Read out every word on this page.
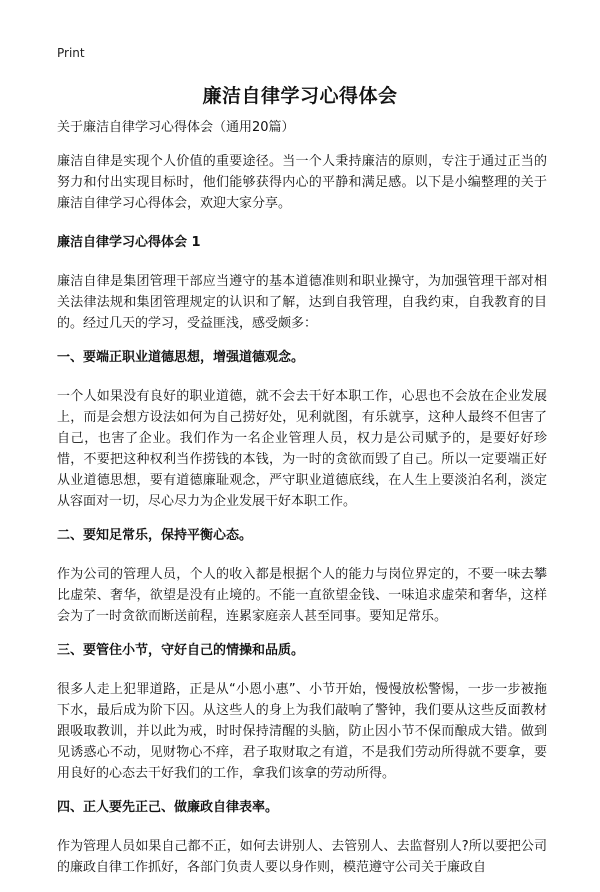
Print
廉洁自律学习心得体会

关于廉洁自律学习心得体会（通用20篇）

廉洁自律是实现个人价值的重要途径。当一个人秉持廉洁的原则，专注于通过正当的努力和付出实现目标时，他们能够获得内心的平静和满足感。以下是小编整理的关于廉洁自律学习心得体会，欢迎大家分享。

廉洁自律学习心得体会 1

廉洁自律是集团管理干部应当遵守的基本道德准则和职业操守，为加强管理干部对相关法律法规和集团管理规定的认识和了解，达到自我管理，自我约束，自我教育的目的。经过几天的学习，受益匪浅，感受颇多：

一、要端正职业道德思想，增强道德观念。

一个人如果没有良好的职业道德，就不会去干好本职工作，心思也不会放在企业发展上，而是会想方设法如何为自己捞好处，见利就图，有乐就享，这种人最终不但害了自己，也害了企业。我们作为一名企业管理人员，权力是公司赋予的，是要好好珍惜，不要把这种权利当作捞钱的本钱，为一时的贪欲而毁了自己。所以一定要端正好从业道德思想，要有道德廉耻观念，严守职业道德底线，在人生上要淡泊名利，淡定从容面对一切，尽心尽力为企业发展干好本职工作。

二、要知足常乐，保持平衡心态。

作为公司的管理人员，个人的收入都是根据个人的能力与岗位界定的，不要一味去攀比虚荣、奢华，欲望是没有止境的。不能一直欲望金钱、一味追求虚荣和奢华，这样会为了一时贪欲而断送前程，连累家庭亲人甚至同事。要知足常乐。

三、要管住小节，守好自己的情操和品质。

很多人走上犯罪道路，正是从“小恩小惠”、小节开始，慢慢放松警惕，一步一步被拖下水，最后成为阶下囚。从这些人的身上为我们敲响了警钟，我们要从这些反面教材跟吸取教训，并以此为戒，时时保持清醒的头脑，防止因小节不保而酿成大错。做到见诱惑心不动，见财物心不痒，君子取财取之有道，不是我们劳动所得就不要拿，要用良好的心态去干好我们的工作，拿我们该拿的劳动所得。

四、正人要先正己、做廉政自律表率。

作为管理人员如果自己都不正，如何去讲别人、去管别人、去监督别人?所以要把公司的廉政自律工作抓好，各部门负责人要以身作则，模范遵守公司关于廉政自
